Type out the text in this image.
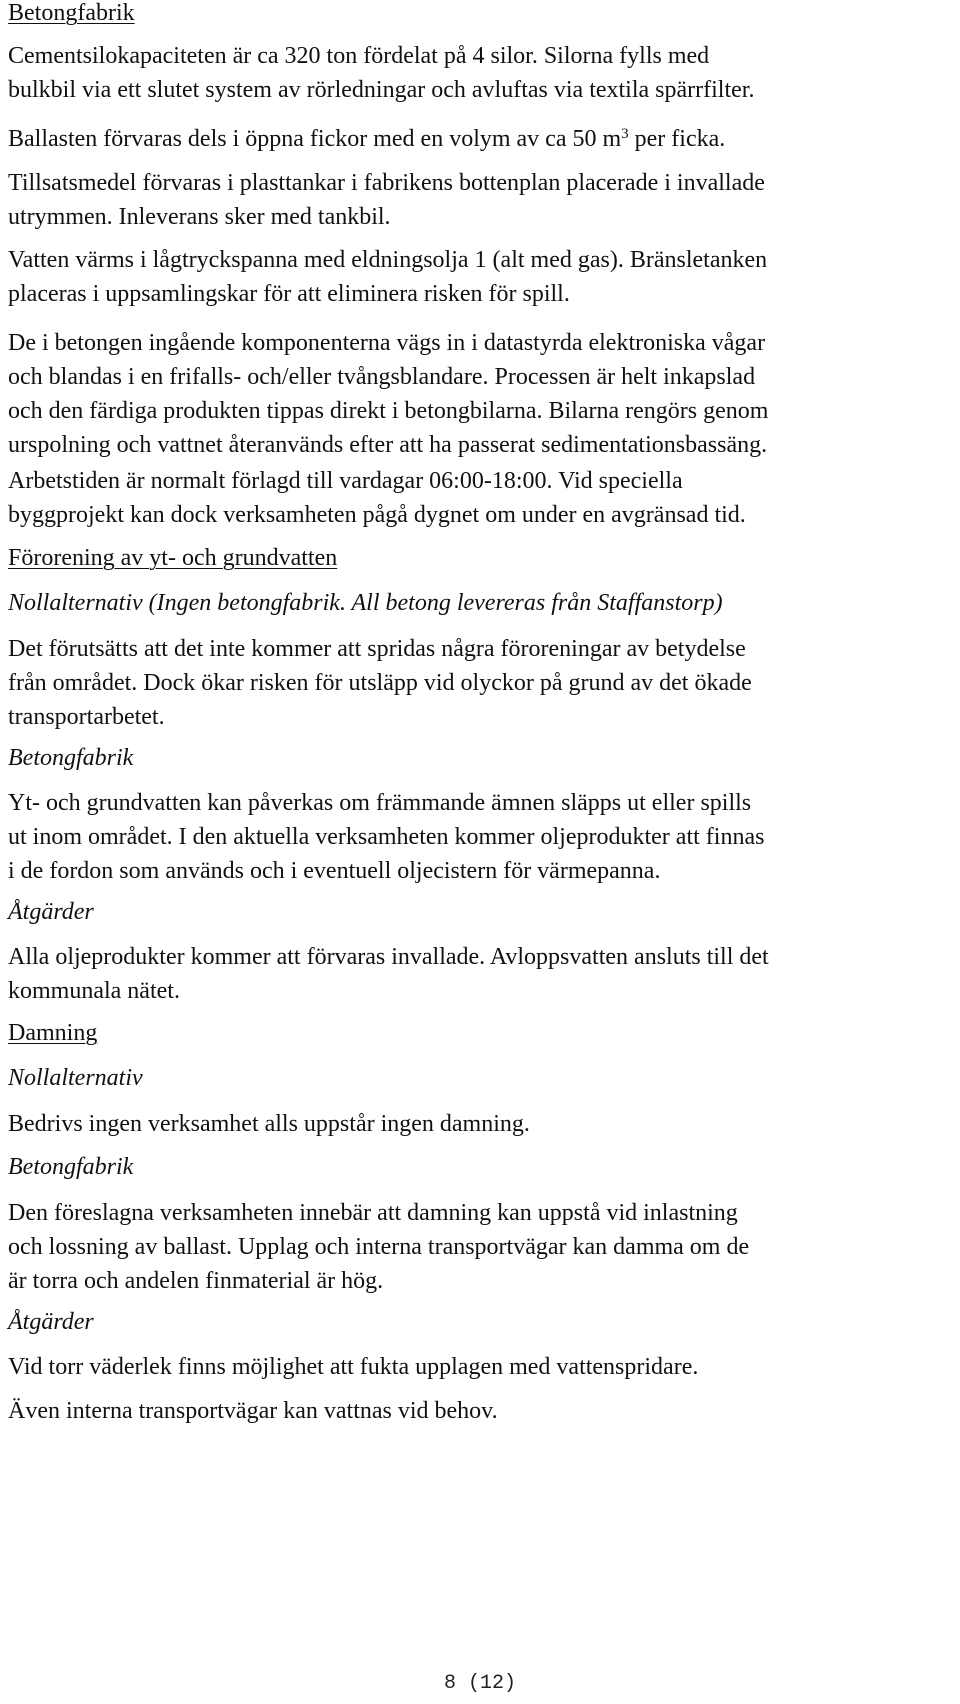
Betongfabrik

Cementsilokapaciteten är ca 320 ton fördelat på 4 silor. Silorna fylls med
bulkbil via ett slutet system av rörledningar och avluftas via textila spärrfilter.

Ballasten förvaras dels i öppna fickor med en volym av ca 50 $m^3$ per ficka.

Tillsatsmedel förvaras i plasttankar i fabrikens bottenplan placerade i invallade
utrymmen. Inleverans sker med tankbil.

Vatten värms i lågtryckspanna med eldningsolja 1 (alt med gas). Bränsletanken
placeras i uppsamlingskar för att eliminera risken för spill.

De i betongen ingående komponenterna vägs in i datastyrda elektroniska vågar
och blandas i en frifalls- och/eller tvångsblandare. Processen är helt inkapslad
och den färdiga produkten tippas direkt i betongbilarna. Bilarna rengörs genom
urspolning och vattnet återanvänds efter att ha passerat sedimentationsbassäng.

Arbetstiden är normalt förlagd till vardagar 06:00-18:00. Vid speciella
byggprojekt kan dock verksamheten pågå dygnet om under en avgränsad tid.

Förorening av yt- och grundvatten

Nollalternativ (Ingen betongfabrik. All betong levereras från Staffanstorp)

Det förutsätts att det inte kommer att spridas några föroreningar av betydelse
från området. Dock ökar risken för utsläpp vid olyckor på grund av det ökade
transportarbetet.

Betongfabrik

Yt- och grundvatten kan påverkas om främmande ämnen släpps ut eller spills
ut inom området. I den aktuella verksamheten kommer oljeprodukter att finnas
i de fordon som används och i eventuell oljecistern för värmepanna.

Åtgärder

Alla oljeprodukter kommer att förvaras invallade. Avloppsvatten ansluts till det
kommunala nätet.

Damning

Nollalternativ

Bedrivs ingen verksamhet alls uppstår ingen damning.

Betongfabrik

Den föreslagna verksamheten innebär att damning kan uppstå vid inlastning
och lossning av ballast. Upplag och interna transportvägar kan damma om de
är torra och andelen finmaterial är hög.

Åtgärder

Vid torr väderlek finns möjlighet att fukta upplagen med vattenspridare.

Även interna transportvägar kan vattnas vid behov.

8 (12)
